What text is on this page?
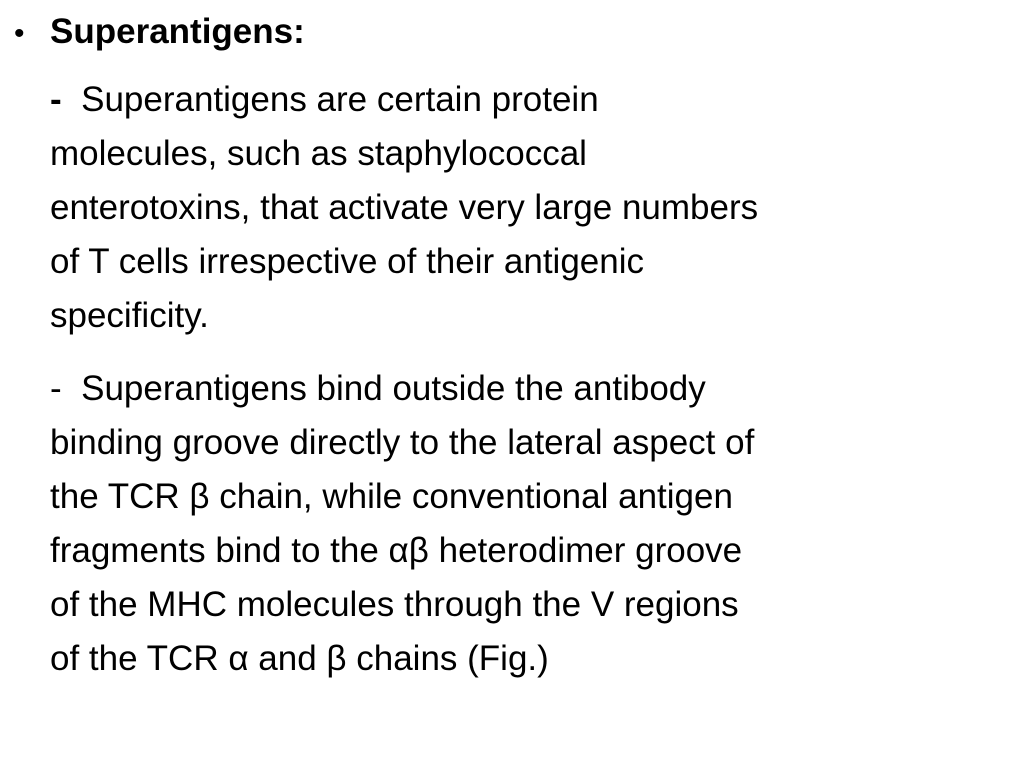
• Superantigens:
- Superantigens are certain protein
molecules, such as staphylococcal
enterotoxins, that activate very large numbers
of T cells irrespective of their antigenic
specificity.
- Superantigens bind outside the antibody
binding groove directly to the lateral aspect of
the TCR β chain, while conventional antigen
fragments bind to the αβ heterodimer groove
of the MHC molecules through the V regions
of the TCR α and β chains (Fig.)
